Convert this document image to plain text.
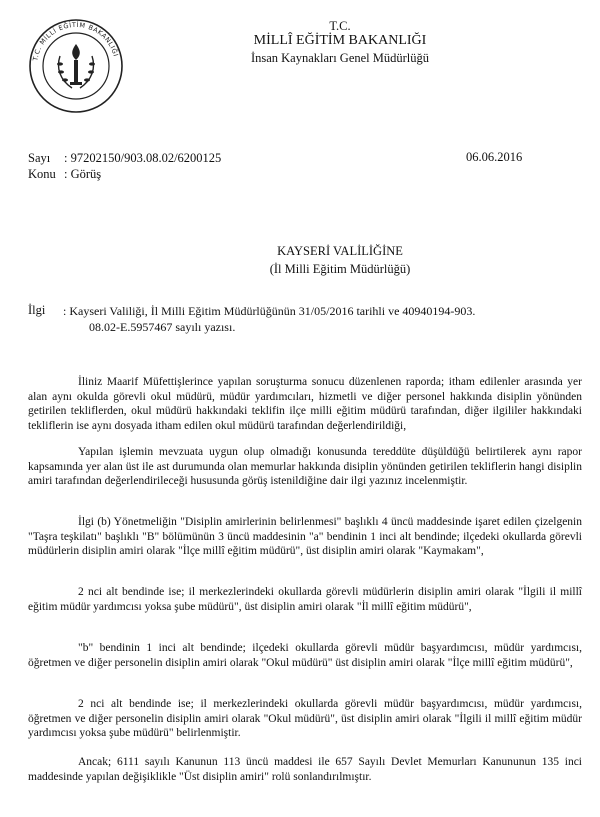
T.C. MİLLİ EĞİTİM BAKANLIĞI
T.C.
MİLLÎ EĞİTİM BAKANLIĞI
İnsan Kaynakları Genel Müdürlüğü
Sayı : 97202150/903.08.02/6200125
Konu : Görüş
06.06.2016
KAYSERİ VALİLİĞİNE
(İl Milli Eğitim Müdürlüğü)
İlgi : Kayseri Valiliği, İl Milli Eğitim Müdürlüğünün 31/05/2016 tarihli ve 40940194-903.
08.02-E.5957467 sayılı yazısı.
İliniz Maarif Müfettişlerince yapılan soruşturma sonucu düzenlenen raporda; itham edilenler arasında yer alan aynı okulda görevli okul müdürü, müdür yardımcıları, hizmetli ve diğer personel hakkında disiplin yönünden getirilen tekliflerden, okul müdürü hakkındaki teklifin ilçe milli eğitim müdürü tarafından, diğer ilgililer hakkındaki tekliflerin ise aynı dosyada itham edilen okul müdürü tarafından değerlendirildiği,
Yapılan işlemin mevzuata uygun olup olmadığı konusunda tereddüte düşüldüğü belirtilerek aynı rapor kapsamında yer alan üst ile ast durumunda olan memurlar hakkında disiplin yönünden getirilen tekliflerin hangi disiplin amiri tarafından değerlendirileceği hususunda görüş istenildiğine dair ilgi yazınız incelenmiştir.
İlgi (b) Yönetmeliğin "Disiplin amirlerinin belirlenmesi" başlıklı 4 üncü maddesinde işaret edilen çizelgenin "Taşra teşkilatı" başlıklı "B" bölümünün 3 üncü maddesinin "a" bendinin 1 inci alt bendinde; ilçedeki okullarda görevli müdürlerin disiplin amiri olarak "İlçe millî eğitim müdürü", üst disiplin amiri olarak "Kaymakam",
2 nci alt bendinde ise; il merkezlerindeki okullarda görevli müdürlerin disiplin amiri olarak "İlgili il millî eğitim müdür yardımcısı yoksa şube müdürü", üst disiplin amiri olarak "İl millî eğitim müdürü",
"b" bendinin 1 inci alt bendinde; ilçedeki okullarda görevli müdür başyardımcısı, müdür yardımcısı, öğretmen ve diğer personelin disiplin amiri olarak "Okul müdürü" üst disiplin amiri olarak "İlçe millî eğitim müdürü",
2 nci alt bendinde ise; il merkezlerindeki okullarda görevli müdür başyardımcısı, müdür yardımcısı, öğretmen ve diğer personelin disiplin amiri olarak "Okul müdürü", üst disiplin amiri olarak "İlgili il millî eğitim müdür yardımcısı yoksa şube müdürü" belirlenmiştir.
Ancak; 6111 sayılı Kanunun 113 üncü maddesi ile 657 Sayılı Devlet Memurları Kanununun 135 inci maddesinde yapılan değişiklikle "Üst disiplin amiri" rolü sonlandırılmıştır.
